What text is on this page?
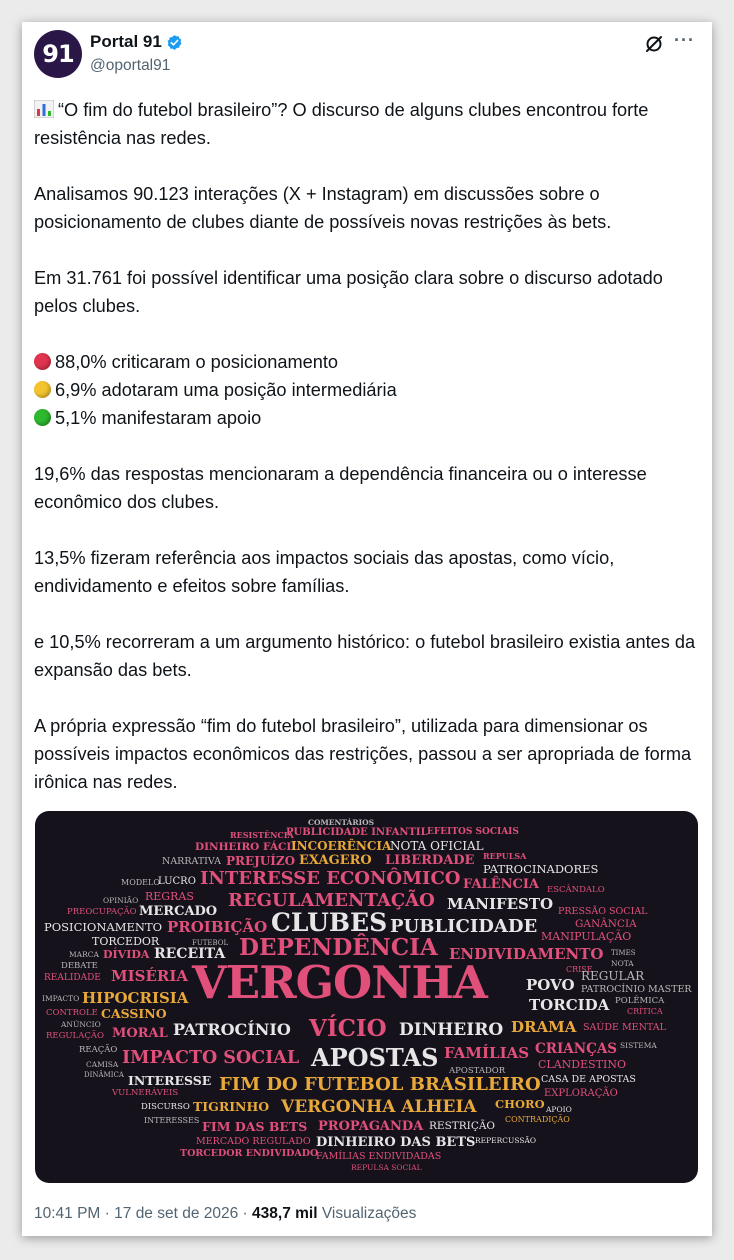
91 Portal 91
@oportal91
···

“O fim do futebol brasileiro”? O discurso de alguns clubes encontrou forte resistência nas redes.

Analisamos 90.123 interações (X + Instagram) em discussões sobre o posicionamento de clubes diante de possíveis novas restrições às bets.

Em 31.761 foi possível identificar uma posição clara sobre o discurso adotado pelos clubes.

88,0% criticaram o posicionamento

6,9% adotaram uma posição intermediária

5,1% manifestaram apoio

19,6% das respostas mencionaram a dependência financeira ou o interesse econômico dos clubes.

13,5% fizeram referência aos impactos sociais das apostas, como vício, endividamento e efeitos sobre famílias.

e 10,5% recorreram a um argumento histórico: o futebol brasileiro existia antes da expansão das bets.

A própria expressão “fim do futebol brasileiro”, utilizada para dimensionar os possíveis impactos econômicos das restrições, passou a ser apropriada de forma irônica nas redes.

COMENTÁRIOS
RESISTÊNCIA
PUBLICIDADE INFANTIL EFEITOS SOCIAIS
DINHEIRO FÁCIL
INCOERÊNCIA
NOTA OFICIAL
REPULSA
NARRATIVA PREJUÍZO EXAGERO LIBERDADE
PATROCINADORES
MODELO
LUCRO INTERESSE ECONÔMICO FALÊNCIA ESCÂNDALO
OPINIÃO REGRAS REGULAMENTAÇÃO MANIFESTO
PREOCUPAÇÃO MERCADO	PRESSÃO SOCIAL
POSICIONAMENTO PROIBIÇÃO CLUBES PUBLICIDADE	GANÂNCIA
TORCEDOR	FUTEBOL	MANIPULAÇÃO
MARCA DÍVIDA RECEITA DEPENDÊNCIA ENDIVIDAMENTO TIMES
DEBATE	NOTA
REALIDADE MISÉRIA VERGONHA	CRISE
REGULAR
POVO PATROCÍNIO MASTER
IMPACTO HIPOCRISIA	TORCIDA POLÊMICA
CONTROLE CASSINO	CRÍTICA
ANÚNCIO
REGULAÇÃO MORAL PATROCÍNIO VÍCIO DINHEIRO DRAMA SAÚDE MENTAL
REAÇÃO	SISTEMA
IMPACTO SOCIAL APOSTAS FAMÍLIAS CRIANÇAS
CAMISA
APOSTADOR	CLANDESTINO
DINÂMICA INTERESSE FIM DO FUTEBOL BRASILEIRO CASA DE APOSTAS
VULNERÁVEIS	EXPLORAÇÃO
DISCURSO TIGRINHO VERGONHA ALHEIA CHORO APOIO
INTERESSES	CONTRADIÇÃO
FIM DAS BETS PROPAGANDA RESTRIÇÃO
MERCADO REGULADO DINHEIRO DAS BETS REPERCUSSÃO
TORCEDOR ENDIVIDADO
FAMÍLIAS ENDIVIDADAS
REPULSA SOCIAL
10:41 PM · 17 de set de 2026 · 438,7 mil Visualizações
